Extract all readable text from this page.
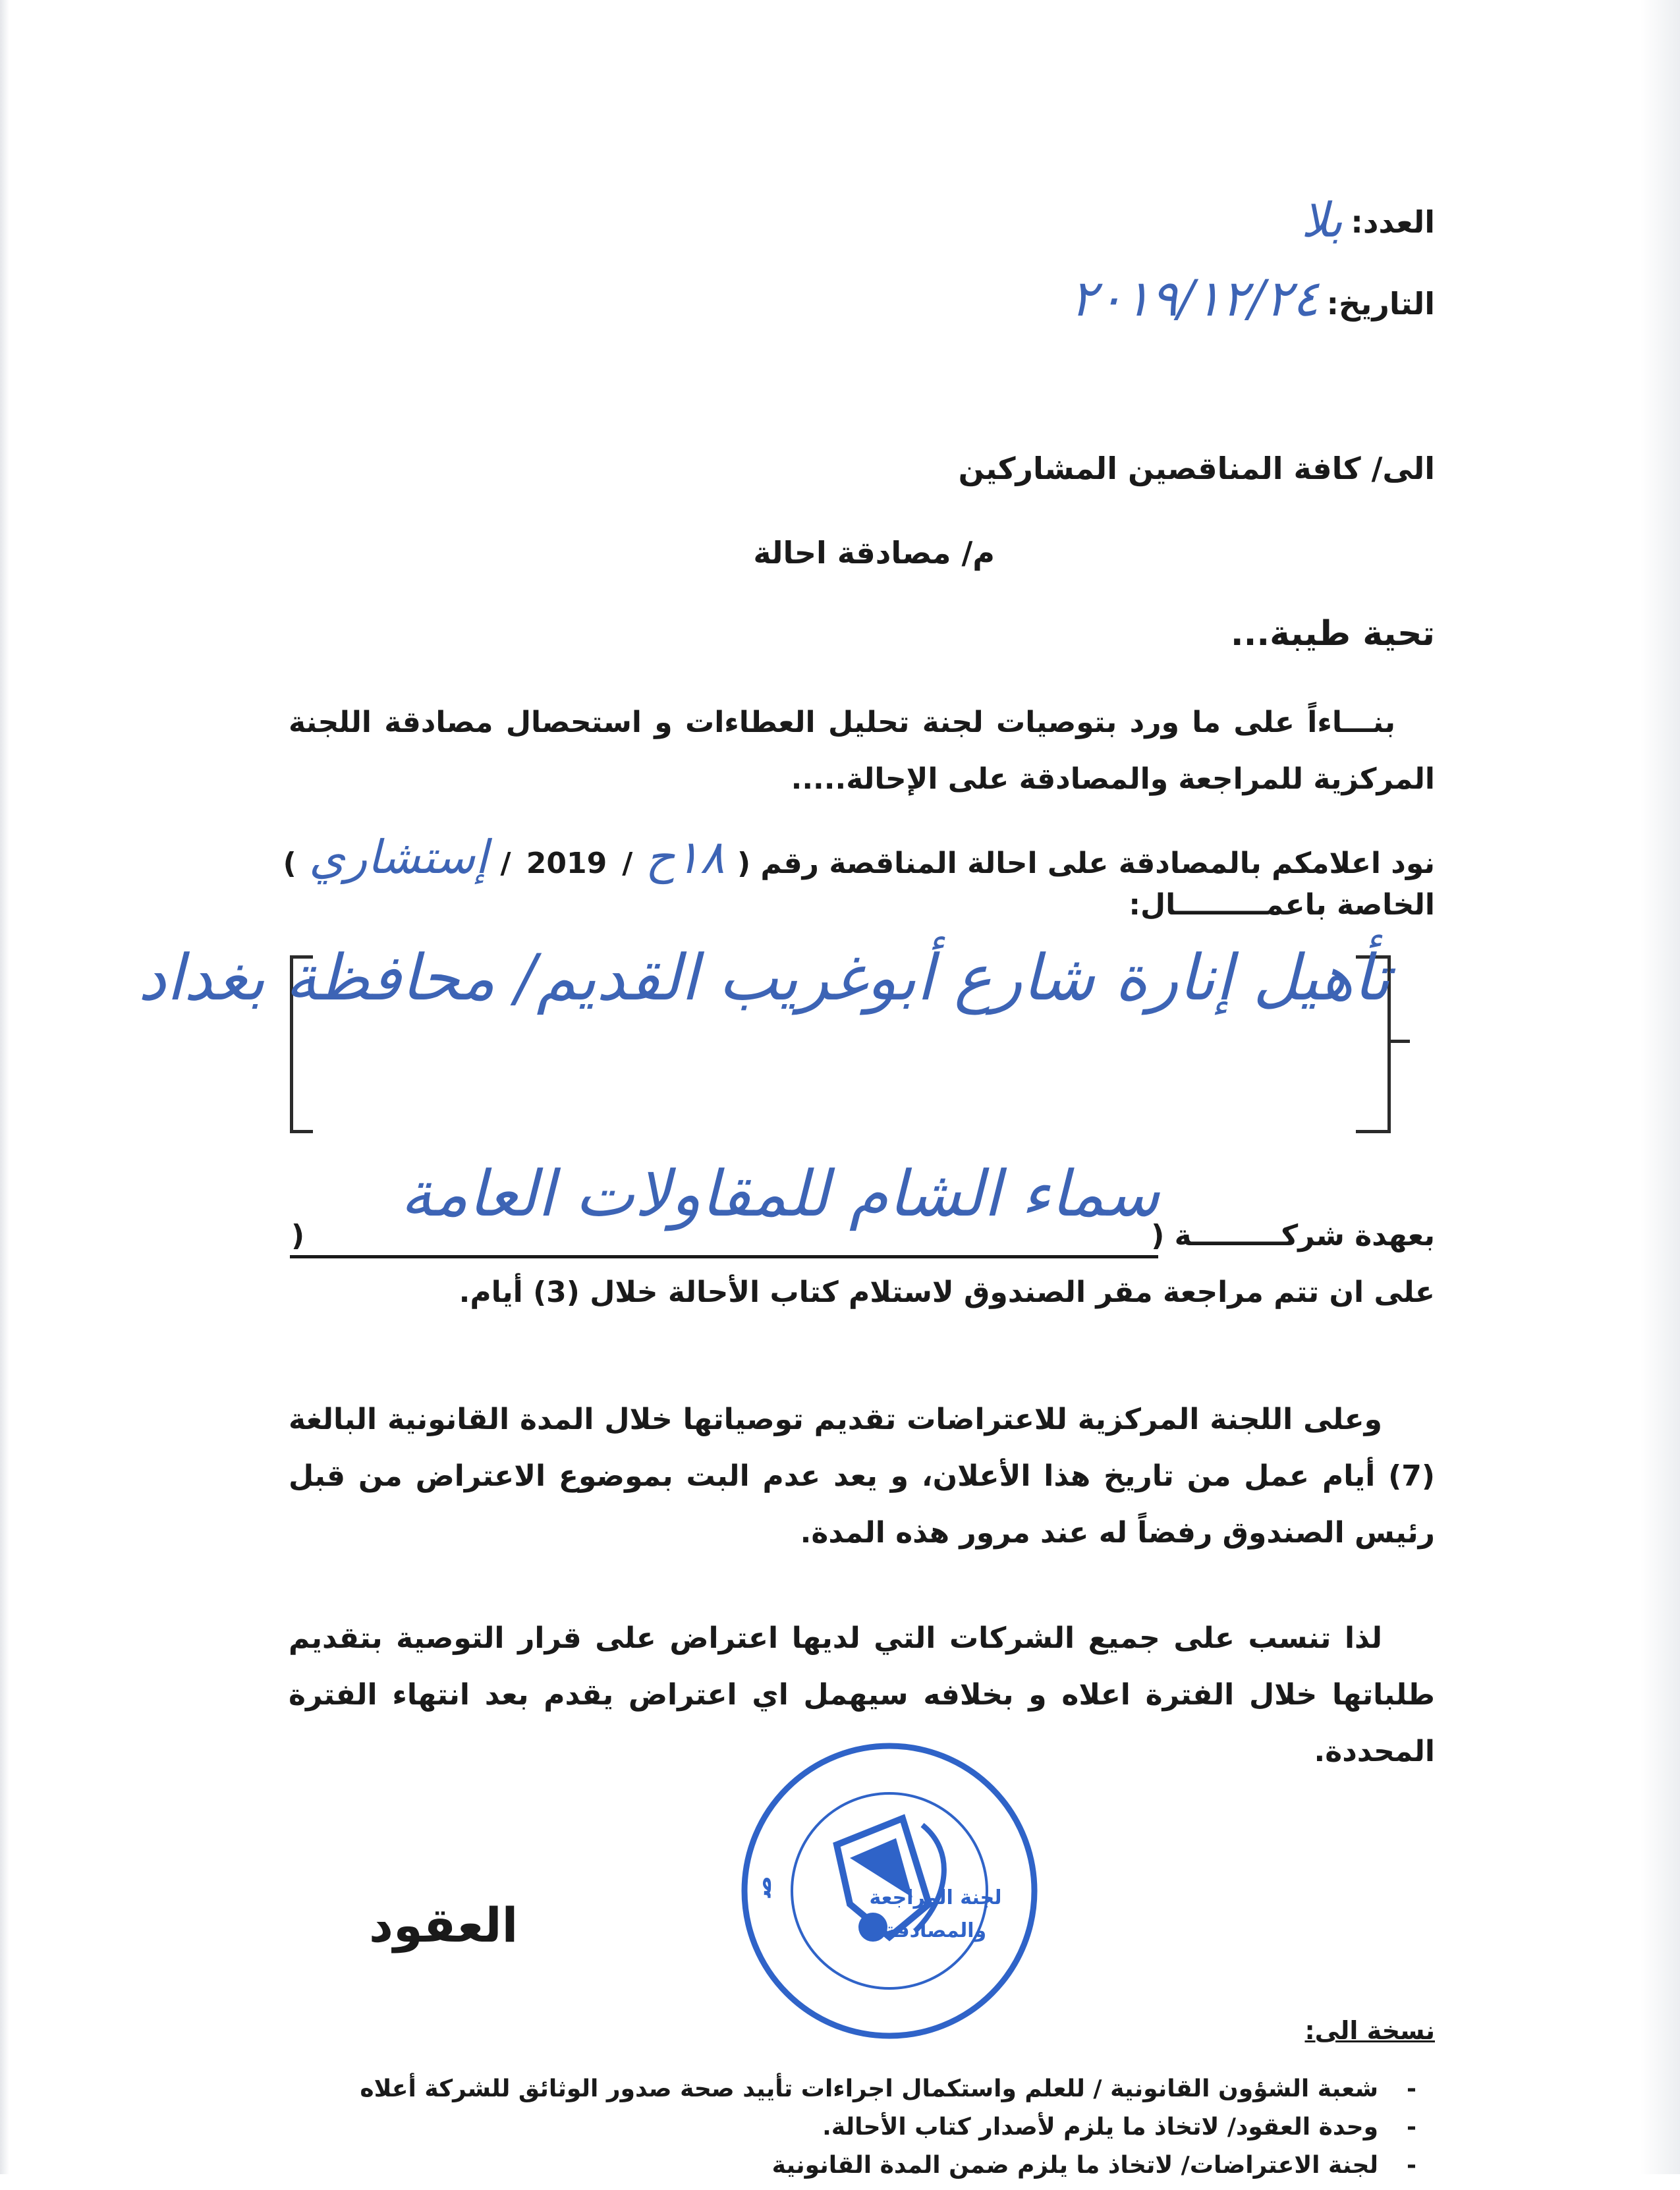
العدد:
بلا
التاريخ:
٢٠١٩/١٢/٢٤
الى/ كافة المناقصين المشاركين
م/ مصادقة احالة
تحية طيبة...
بنـــاءاً على ما ورد بتوصيات لجنة تحليل العطاءات و استحصال مصادقة اللجنة المركزية للمراجعة والمصادقة على الإحالة.....
نود اعلامكم بالمصادقة على احالة المناقصة رقم ( ١٨ح / 2019 / إستشاري )
الخاصة باعمـــــــــال:
تأهيل إنارة شارع أبوغريب القديم/ محافظة بغداد
بعهدة شركـــــــــة (
سماء الشام للمقاولات العامة
)
على ان تتم مراجعة مقر الصندوق لاستلام كتاب الأحالة خلال (3) أيام.
وعلى اللجنة المركزية للاعتراضات تقديم توصياتها خلال المدة القانونية البالغة (7) أيام عمل من تاريخ هذا الأعلان، و يعد عدم البت بموضوع الاعتراض من قبل رئيس الصندوق رفضاً له عند مرور هذه المدة.
لذا تنسب على جميع الشركات التي لديها اعتراض على قرار التوصية بتقديم طلباتها خلال الفترة اعلاه و بخلافه سيهمل اي اعتراض يقدم بعد انتهاء الفترة المحددة.
ص	لجنة المراجعة
والمصادقة
العقود
نسخة الى:
-
شعبة الشؤون القانونية / للعلم واستكمال اجراءات تأييد صحة صدور الوثائق للشركة أعلاه
-
وحدة العقود/ لاتخاذ ما يلزم لأصدار كتاب الأحالة.
-
لجنة الاعتراضات/ لاتخاذ ما يلزم ضمن المدة القانونية
